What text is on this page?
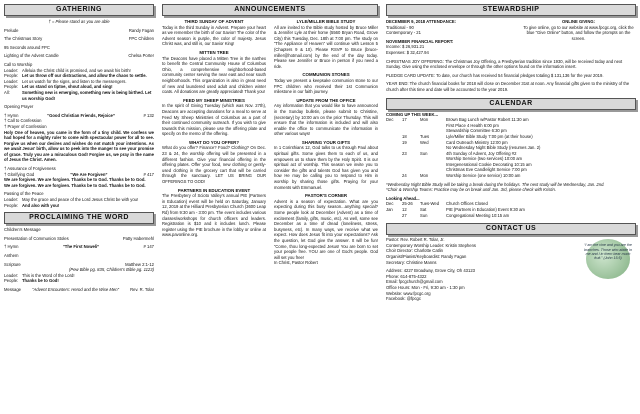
GATHERING
† = Please stand as you are able
Prelude	Randy Fagan
The Christmas Story	FPC Children
95 Seconds around FPC
Lighting of the Advent Candle	Chelsa Porter
Call to Worship
Leader: Alleluia the Christ child is promised, and we await his birth!
People: Let us throw off our distractions, and allow the chaos to settle.
Leader: Let us watch for the signs, and listen to the messengers.
People: Let us stand on tiptoe, shout aloud, and sing!
All:	Something new is emerging, something new is being birthed. Let us worship God!
Opening Prayer
† Hymn	“Good Christian Friends, Rejoice”	# 132
† Call to Confession
† Prayer of Confession
Holy One of heaven, you came in the form of a tiny child. We confess we had hoped for a mighty ruler to come with spectacular power for all to see. Forgive us when our desires and wishes do not match your intentions. As we await Jesus' birth, allow us to peek into the manger to see your promise of grace. Truly you are a miraculous God! Forgive us, we pray in the name of Jesus the Christ. Amen.
† Assurance of Forgiveness
† Glorifying God	“We Are Forgiven”	# 417
We are forgiven. We are forgiven. Thanks be to God. Thanks be to God.
We are forgiven. We are forgiven. Thanks be to God. Thanks be to God.
Passing of the Peace
Leader: May the grace and peace of the Lord Jesus Christ be with you!
People: And also with you!
PROCLAIMING THE WORD
Children's Message
Presentation of Communion Stoles	Patty Habermehl
† Hymn	“The First Noweli”	# 147
Anthem
Scripture	Matthew 2:1-12
(Pew Bible pg. 835, Children's Bible pg. 1123)
Leader: This is the Word of the Lord!
People: Thanks be to God!
Message	“Advent Encounters: Herod and the Wise Men”	Rev. R. Tolar
ANNOUNCEMENTS
THIRD SUNDAY OF ADVENT
Today is the third Sunday in Advent. Prepare your heart as we remember the birth of our Savior! The color of the Advent season is purple, the color of majesty. Jesus Christ was, and still is, our Savior King!
MITTEN TREE
The Deacons have placed a Mitten Tree in the narthex to benefit the Central Community House of Columbus Ohio, a comprehensive neighborhood-based community center serving the near east and near south neighborhoods. This organization is also in great need of new and laundered used adult and children winter coats. All donations are greatly appreciated! Thank you!
FEED MY SHEEP MINISTRIES
In the spirit of Giving Tuesday (which was Nov. 27th), Deacons are accepting donations for a meal to serve at Feed My Sheep Ministries of Columbus as a part of their continued community outreach. If you wish to give towards this mission, please use the offering plate and specify on the memo of the offering.
WHAT DO YOU OFFER?
What do you offer? Finance? Food? Clothing? On Dec. 23 & 24, the worship offering will be presented in a different fashion. Give your financial offering in the offering plates. Offer your food, new clothing or gently-used clothing in the grocery cart that will be carried through the sanctuary. LET US BRING OUR OFFERINGS TO GOD!
PARTNERS IN EDUCATION EVENT
The Presbytery of Scioto Valley's annual PIE (Partners in Education) event will be held on Saturday, January 12, 2019 at the Hilliard Presbyterian Church (3600 Leap Rd) from 9:30 am - 3:00 pm. The event includes various classes/workshops for church officers and leaders. Registration is $10 and it includes lunch. Please register using the PIE brochure in the lobby or online at www.pavonline.org.
LYLE/MILLER BIBLE STUDY
All are invited to the Bible study hosted by Bruce Miller & Jennifer Lyle at their home (5560 Bryan Road, Grove City) this Tuesday, Dec. 18th at 7:00 pm. The study on “The Appliance of Heaven” will continue with Lesson 5 (Chapters 9 & 10). Please RSVP to Bruce (bruce-miller@hotmail.com) by the end of the day today. Please see Jennifer or Bruce in person if you need a ride.
COMMUNION STONES
Today we present a keepsake communion stone to our FPC children who received their 1st Communion milestone in our faith journey.
UPDATE FROM THE OFFICE
Any information that you would like to have announced in the Sunday bulletin, please submit to Christine, (secretary) by 10:00 am on the prior Thursday. This will ensure that the information is included and will also enable the office to communicate the information in other various ways!
SHARING YOUR GIFTS
In 1 Corinthians 12, God talks to us through Paul about spiritual gifts. Some gives them to each of us, and empowers us to share them by the Holy Spirit. It is our spiritual act of worship. This season we invite you to consider the gifts and talents God has given you and how He may be calling you to respond to Him in worship by sharing those gifts. Praying for your moments with Emmanuel.
PASTOR'S CORNER
Advent is a season of expectation. What are you expecting during this busy season...anything special? Some people look at December (Advent) as a time of excitement (family, gifts, music, etc). As well, some see December as a time of dread (loneliness, stress, busyness, etc). In many ways, we receive what we expect. How does Jesus fit into your expectations? Ask the question, let God give the answer. It will be fun! “Come, thou long-expected Jesus! You are born to set your people free. YOU are one of God's people. God will set you free!
In Christ, Pastor Robert
STEWARDSHIP
DECEMBER 9, 2018 ATTENDANCE:
Traditional - 90
Contemporary - 21
NOVEMBER FINANCIAL REPORT:
Income: $ 26,931.21
Expenses: $ 32,427.94
ONLINE GIVING:
To give online, go to our website at www.fpcgc.org, click the blue “Give Online” button, and follow the prompts on the screen.
CHRISTMAS JOY OFFERING: The Christmas Joy Offering, a Presbyterian tradition since 1930, will be received today and next Sunday. Give using the enclosed envelope or through the other options found on the information insert.
PLEDGE CARD UPDATE: To date, our church has received 54 financial pledges totaling $ 131,136 for the year 2019.
YEAR END: The church financial books for 2018 will close on December 31st at noon. Any financial gifts given to the ministry of the church after this time and date will be accounted to the year 2019.
CALENDAR
COMING UP THIS WEEK...
Dec	17	Mon	Brown Bag Lunch w/Pastor Robert 11:30 am
			First Place 4 Health 6:00 pm
			Stewardship Committee 6:30 pm
	18	Tues	Lyle/Miller Bible Study 7:00 pm (at their house)
	19	Wed	Card Outreach Ministry 12:00 pm
			No Wednesday Night Bible Study (resumes Jan. 2)
	23	Sun	4th Sunday of Advent, Joy Offering #2
			Worship Service (two services) 10:00 am
			Intergenerational Cookie Decorating 10:15 am
			Christmas Eve Candlelight Service 7:00 pm
	24	Mon	Worship Service (one service) 10:00 am
*Wednesday Night Bible Study will be taking a break during the holidays. The next study will be Wednesday, Jan. 2nd.
*Choir & Worship Teams: Practice may be on break until Jan. 3rd, please check with Kristin.
Looking Ahead...
Dec	25-26	Tues-Wed	Church Offices Closed
Jan	12	Sat	PIE (Partners in Education) Event 9:30 am
	27	Sun	Congregational Meeting 10:15 am
CONTACT US
Pastor: Rev. Robert R. Tolar, Jr.
Contemporary Worship Leader: Kristin Stephens
Choir Director: Charlotte Catlin
Organist/Pianist/Keyboardist: Randy Fagan
Secretary: Christine Manns
Address: 4227 Broadway, Grove City, Oh 43123
Phone: 614-875-4322
Email: fpcgchurch@gmail.com
Office Hours: Mon - Fri, 9:30 am - 1:30 pm
Website: www.fpcgc.org
Facebook: @fpcgc
“I am the vine and you are the branches. Those who abide in me and I in them bear much fruit.” (John 15:5)
